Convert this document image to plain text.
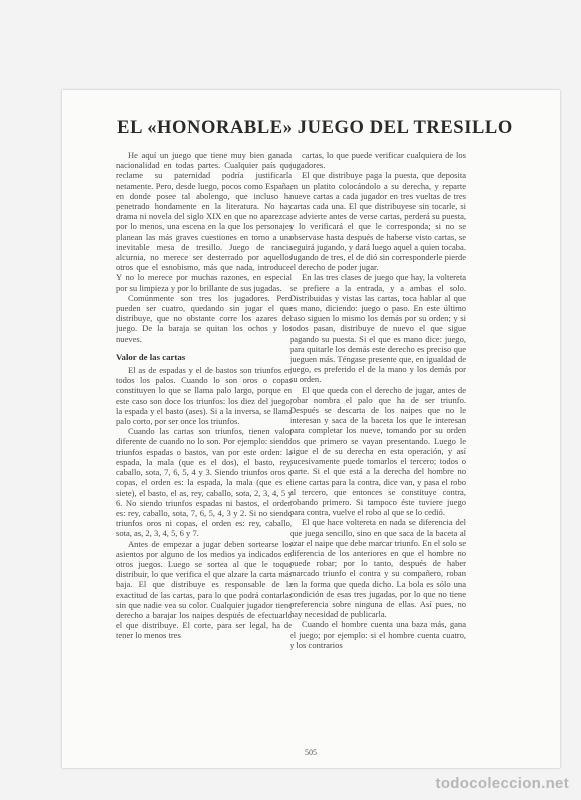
EL «HONORABLE» JUEGO DEL TRESILLO

He aquí un juego que tiene muy bien ganada nacionalidad en todas partes. Cualquier país que reclame su paternidad podría justificarla netamente. Pero, desde luego, pocos como España, en donde posee tal abolengo, que incluso ha penetrado hondamente en la literatura. No hay drama ni novela del siglo XIX en que no aparezca, por lo menos, una escena en la que los personajes planean las más graves cuestiones en torno a una inevitable mesa de tresillo. Juego de rancia alcurnia, no merece ser desterrado por aquellos otros que el esnobismo, más que nada, introduce. Y no lo merece por muchas razones, en especial por su limpieza y por lo brillante de sus jugadas.

Comúnmente son tres los jugadores. Pero pueden ser cuatro, quedando sin jugar el que distribuye, que no obstante corre los azares del juego. De la baraja se quitan los ochos y los nueves.

Valor de las cartas

El as de espadas y el de bastos son triunfos en todos los palos. Cuando lo son oros o copas constituyen lo que se llama palo largo, porque en este caso son doce los triunfos: los diez del juego, la espada y el basto (ases). Si a la inversa, se llama palo corto, por ser once los triunfos.

Cuando las cartas son triunfos, tienen valor diferente de cuando no lo son. Por ejemplo: siendo triunfos espadas o bastos, van por este orden: la espada, la mala (que es el dos), el basto, rey, caballo, sota, 7, 6, 5, 4 y 3. Siendo triunfos oros o copas, el orden es: la espada, la mala (que es el siete), el basto, el as, rey, caballo, sota, 2, 3, 4, 5 y 6. No siendo triunfos espadas ni bastos, el orden es: rey, caballo, sota, 7, 6, 5, 4, 3 y 2. Si no siendo triunfos oros ni copas, el orden es: rey, caballo, sota, as, 2, 3, 4, 5, 6 y 7.

Antes de empezar a jugar deben sortearse los asientos por alguno de los medios ya indicados en otros juegos. Luego se sortea al que le toque distribuir, lo que verifica el que alzare la carta más baja. El que distribuye es responsable de la exactitud de las cartas, para lo que podrá contarlas sin que nadie vea su color. Cualquier jugador tiene derecho a barajar los naipes después de efectuarlo el que distribuye. El corte, para ser legal, ha de tener lo menos tres

cartas, lo que puede verificar cualquiera de los jugadores.

El que distribuye paga la puesta, que deposita en un platito colocándolo a su derecha, y reparte nueve cartas a cada jugador en tres vueltas de tres cartas cada una. El que distribuyese sin tocarle, si se advierte antes de verse cartas, perderá su puesta, y lo verificará el que le corresponda; si no se observase hasta después de haberse visto cartas, se seguirá jugando, y dará luego aquel a quien tocaba. Jugando de tres, el de dió sin corresponderle pierde el derecho de poder jugar.

En las tres clases de juego que hay, la voltereta se prefiere a la entrada, y a ambas el solo. Distribuidas y vistas las cartas, toca hablar al que es mano, diciendo: juego o paso. En este último caso siguen lo mismo los demás por su orden; y si todos pasan, distribuye de nuevo el que sigue pagando su puesta. Si el que es mano dice: juego, para quitarle los demás este derecho es preciso que jueguen más. Téngase presente que, en igualdad de juego, es preferido el de la mano y los demás por su orden.

El que queda con el derecho de jugar, antes de robar nombra el palo que ha de ser triunfo. Después se descarta de los naipes que no le interesan y saca de la baceta los que le interesan para completar los nueve, tomando por su orden los que primero se vayan presentando. Luego le sigue el de su derecha en esta operación, y así sucesivamente puede tomarlos el tercero; todos o parte. Si el que está a la derecha del hombre no tiene cartas para la contra, dice van, y pasa el robo al tercero, que entonces se constituye contra, robando primero. Si tampoco éste tuviere juego para contra, vuelve el robo al que se lo cedió.

El que hace voltereta en nada se diferencia del que juega sencillo, sino en que saca de la baceta al azar el naipe que debe marcar triunfo. En el solo se diferencia de los anteriores en que el hombre no puede robar; por lo tanto, después de haber marcado triunfo el contra y su compañero, roban en la forma que queda dicho. La bola es sólo una condición de esas tres jugadas, por lo que no tiene preferencia sobre ninguna de ellas. Así pues, no hay necesidad de publicarla.

Cuando el hombre cuenta una baza más, gana el juego; por ejemplo: si el hombre cuenta cuatro, y los contrarios

505
todocoleccion.net
